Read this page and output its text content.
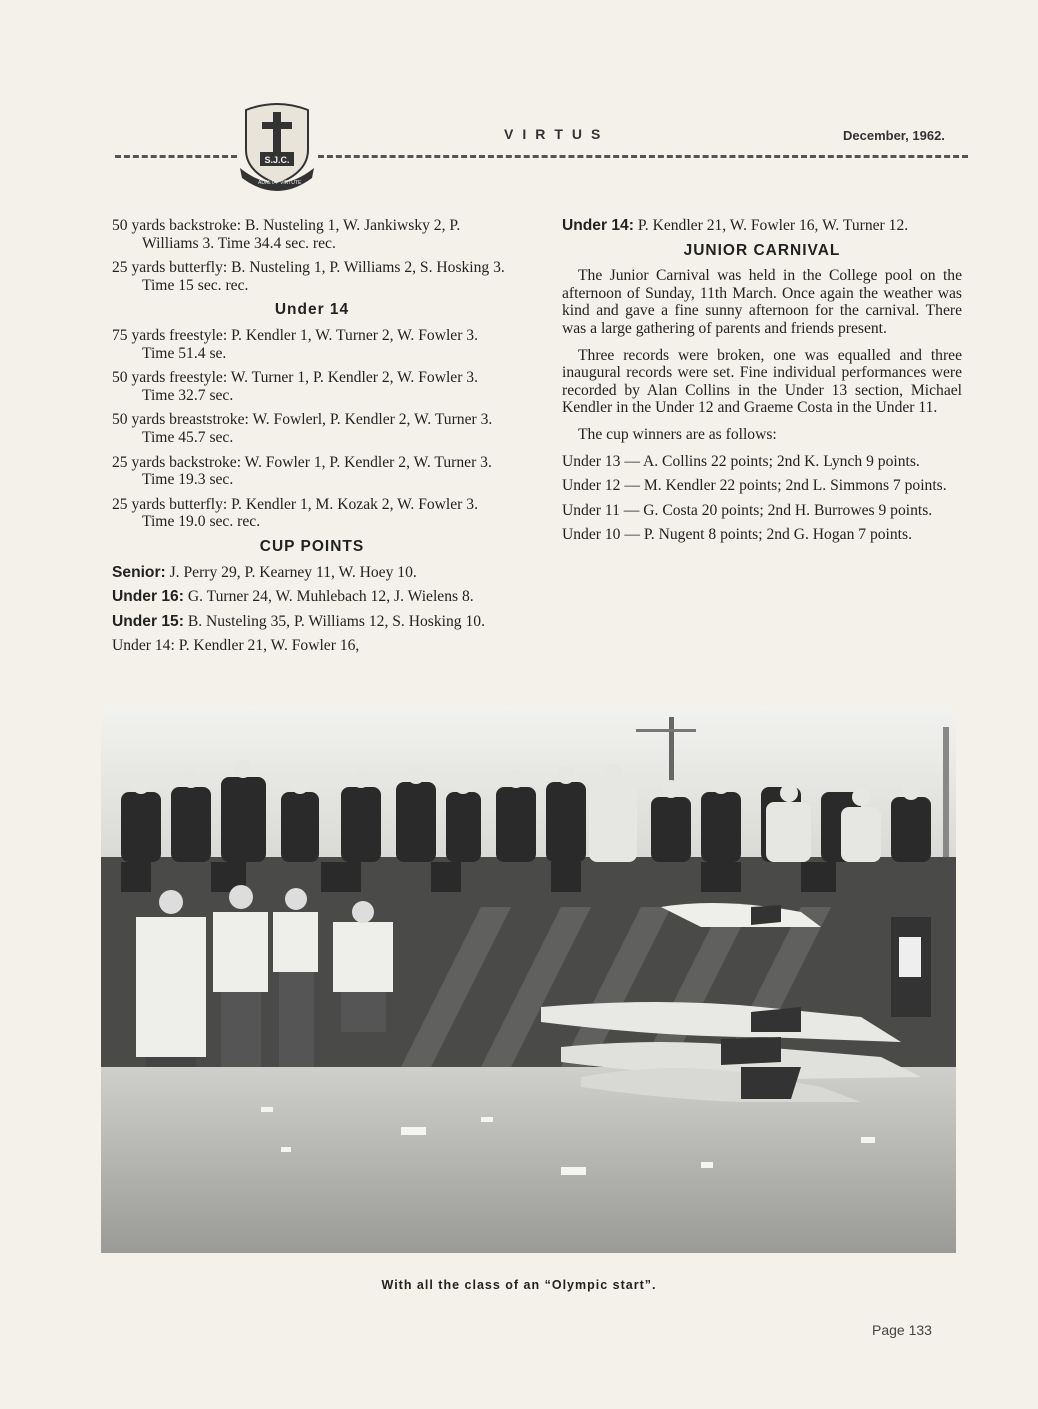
S.J.C.
ADALTA VIRTUTE
VIRTUS	December, 1962.

50 yards backstroke: B. Nusteling 1, W. Jankiwsky 2, P. Williams 3. Time 34.4 sec. rec.

25 yards butterfly: B. Nusteling 1, P. Williams 2, S. Hosking 3. Time 15 sec. rec.

Under 14

75 yards freestyle: P. Kendler 1, W. Turner 2, W. Fowler 3. Time 51.4 se.

50 yards freestyle: W. Turner 1, P. Kendler 2, W. Fowler 3. Time 32.7 sec.

50 yards breaststroke: W. Fowlerl, P. Kendler 2, W. Turner 3. Time 45.7 sec.

25 yards backstroke: W. Fowler 1, P. Kendler 2, W. Turner 3. Time 19.3 sec.

25 yards butterfly: P. Kendler 1, M. Kozak 2, W. Fowler 3. Time 19.0 sec. rec.

CUP POINTS

Senior: J. Perry 29, P. Kearney 11, W. Hoey 10.

Under 16: G. Turner 24, W. Muhlebach 12, J. Wielens 8.

Under 15: B. Nusteling 35, P. Williams 12, S. Hosking 10.

Under 14: P. Kendler 21, W. Fowler 16,

Under 14: P. Kendler 21, W. Fowler 16, W. Turner 12.

JUNIOR CARNIVAL

The Junior Carnival was held in the College pool on the afternoon of Sunday, 11th March. Once again the weather was kind and gave a fine sunny afternoon for the carnival. There was a large gathering of parents and friends present.

Three records were broken, one was equalled and three inaugural records were set. Fine individual performances were recorded by Alan Collins in the Under 13 section, Michael Kendler in the Under 12 and Graeme Costa in the Under 11.

The cup winners are as follows:

Under 13 — A. Collins 22 points; 2nd K. Lynch 9 points.

Under 12 — M. Kendler 22 points; 2nd L. Simmons 7 points.

Under 11 — G. Costa 20 points; 2nd H. Burrowes 9 points.

Under 10 — P. Nugent 8 points; 2nd G. Hogan 7 points.

With all the class of an “Olympic start”.
Page 133
